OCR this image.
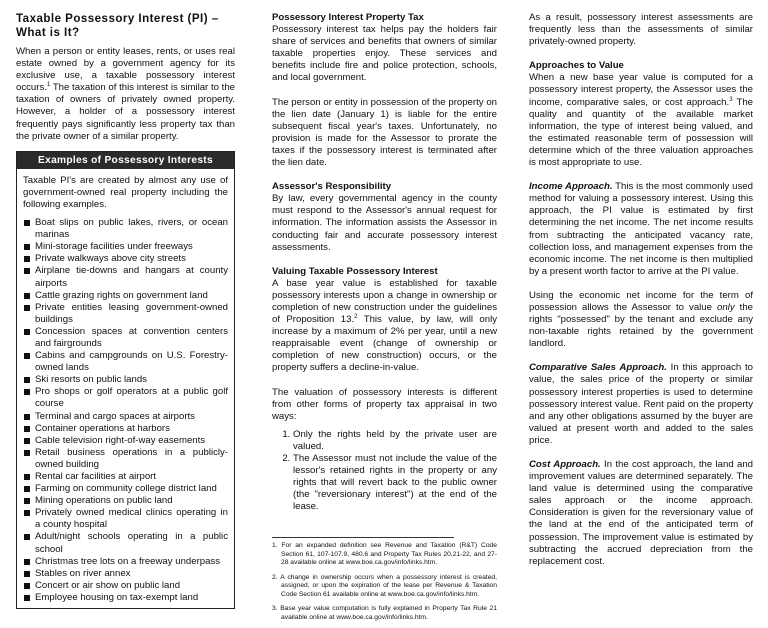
Taxable Possessory Interest (PI) –
What is It?

When a person or entity leases, rents, or uses real estate owned by a government agency for its exclusive use, a taxable possessory interest occurs.$^1$ The taxation of this interest is similar to the taxation of owners of privately owned property. However, a holder of a possessory interest frequently pays significantly less property tax than the private owner of a similar property.

Examples of Possessory Interests

Taxable PI's are created by almost any use of government-owned real property including the following examples.

Boat slips on public lakes, rivers, or ocean marinas
Mini-storage facilities under freeways
Private walkways above city streets
Airplane tie-downs and hangars at county airports
Cattle grazing rights on government land
Private entities leasing government-owned buildings
Concession spaces at convention centers and fairgrounds
Cabins and campgrounds on U.S. Forestry-owned lands
Ski resorts on public lands
Pro shops or golf operators at a public golf course
Terminal and cargo spaces at airports
Container operations at harbors
Cable television right-of-way easements
Retail business operations in a publicly-owned building
Rental car facilities at airport
Farming on community college district land
Mining operations on public land
Privately owned medical clinics operating in a county hospital
Adult/night schools operating in a public school
Christmas tree lots on a freeway underpass
Stables on river annex
Concert or air show on public land
Employee housing on tax-exempt land
Possessory Interest Property Tax

Possessory interest tax helps pay the holders fair share of services and benefits that owners of similar taxable properties enjoy. These services and benefits include fire and police protection, schools, and local government.

The person or entity in possession of the property on the lien date (January 1) is liable for the entire subsequent fiscal year's taxes. Unfortunately, no provision is made for the Assessor to prorate the taxes if the possessory interest is terminated after the lien date.

Assessor's Responsibility

By law, every governmental agency in the county must respond to the Assessor's annual request for information. The information assists the Assessor in conducting fair and accurate possessory interest assessments.

Valuing Taxable Possessory Interest

A base year value is established for taxable possessory interests upon a change in ownership or completion of new construction under the guidelines of Proposition 13.$^2$ This value, by law, will only increase by a maximum of 2% per year, until a new reappraisable event (change of ownership or completion of new construction) occurs, or the property suffers a decline-in-value.

The valuation of possessory interests is different from other forms of property tax appraisal in two ways:

1. Only the rights held by the private user are valued.
2. The Assessor must not include the value of the lessor's retained rights in the property or any rights that will revert back to the public owner (the "reversionary interest") at the end of the lease.

1. For an expanded definition see Revenue and Taxation (R&T) Code Section 61, 107-107.9, 480.6 and Property Tax Rules 20,21-22, and 27-28 available online at www.boe.ca.gov/info/links.htm.

2. A change in ownership occurs when a possessory interest is created, assigned, or upon the expiration of the lease per Revenue & Taxation Code Section 61 available online at www.boe.ca.gov/info/links.htm.

3. Base year value computation is fully explained in Property Tax Rule 21 available online at www.boe.ca.gov/info/links.htm.

As a result, possessory interest assessments are frequently less than the assessments of similar privately-owned property.

Approaches to Value

When a new base year value is computed for a possessory interest property, the Assessor uses the income, comparative sales, or cost approach.$^3$ The quality and quantity of the available market information, the type of interest being valued, and the estimated reasonable term of possession will determine which of the three valuation approaches is most appropriate to use.

Income Approach. This is the most commonly used method for valuing a possessory interest. Using this approach, the PI value is estimated by first determining the net income. The net income results from subtracting the anticipated vacancy rate, collection loss, and management expenses from the economic income. The net income is then multiplied by a present worth factor to arrive at the PI value.

Using the economic net income for the term of possession allows the Assessor to value only the rights "possessed" by the tenant and exclude any non-taxable rights retained by the government landlord.

Comparative Sales Approach. In this approach to value, the sales price of the property or similar possessory interest properties is used to determine possessory interest value. Rent paid on the property and any other obligations assumed by the buyer are valued at present worth and added to the sales price.

Cost Approach. In the cost approach, the land and improvement values are determined separately. The land value is determined using the comparative sales approach or the income approach. Consideration is given for the reversionary value of the land at the end of the anticipated term of possession. The improvement value is estimated by subtracting the accrued depreciation from the replacement cost.
